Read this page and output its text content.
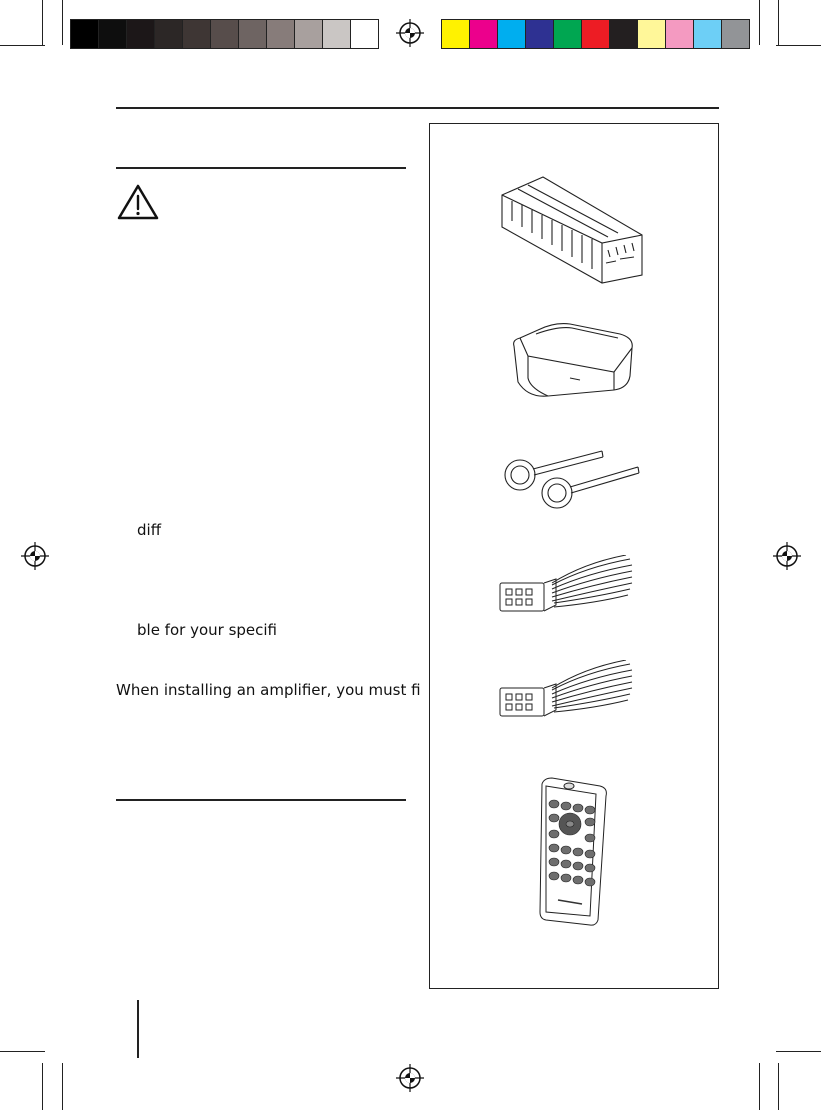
diff
ble for your specifi
When installing an amplifier, you must fi
